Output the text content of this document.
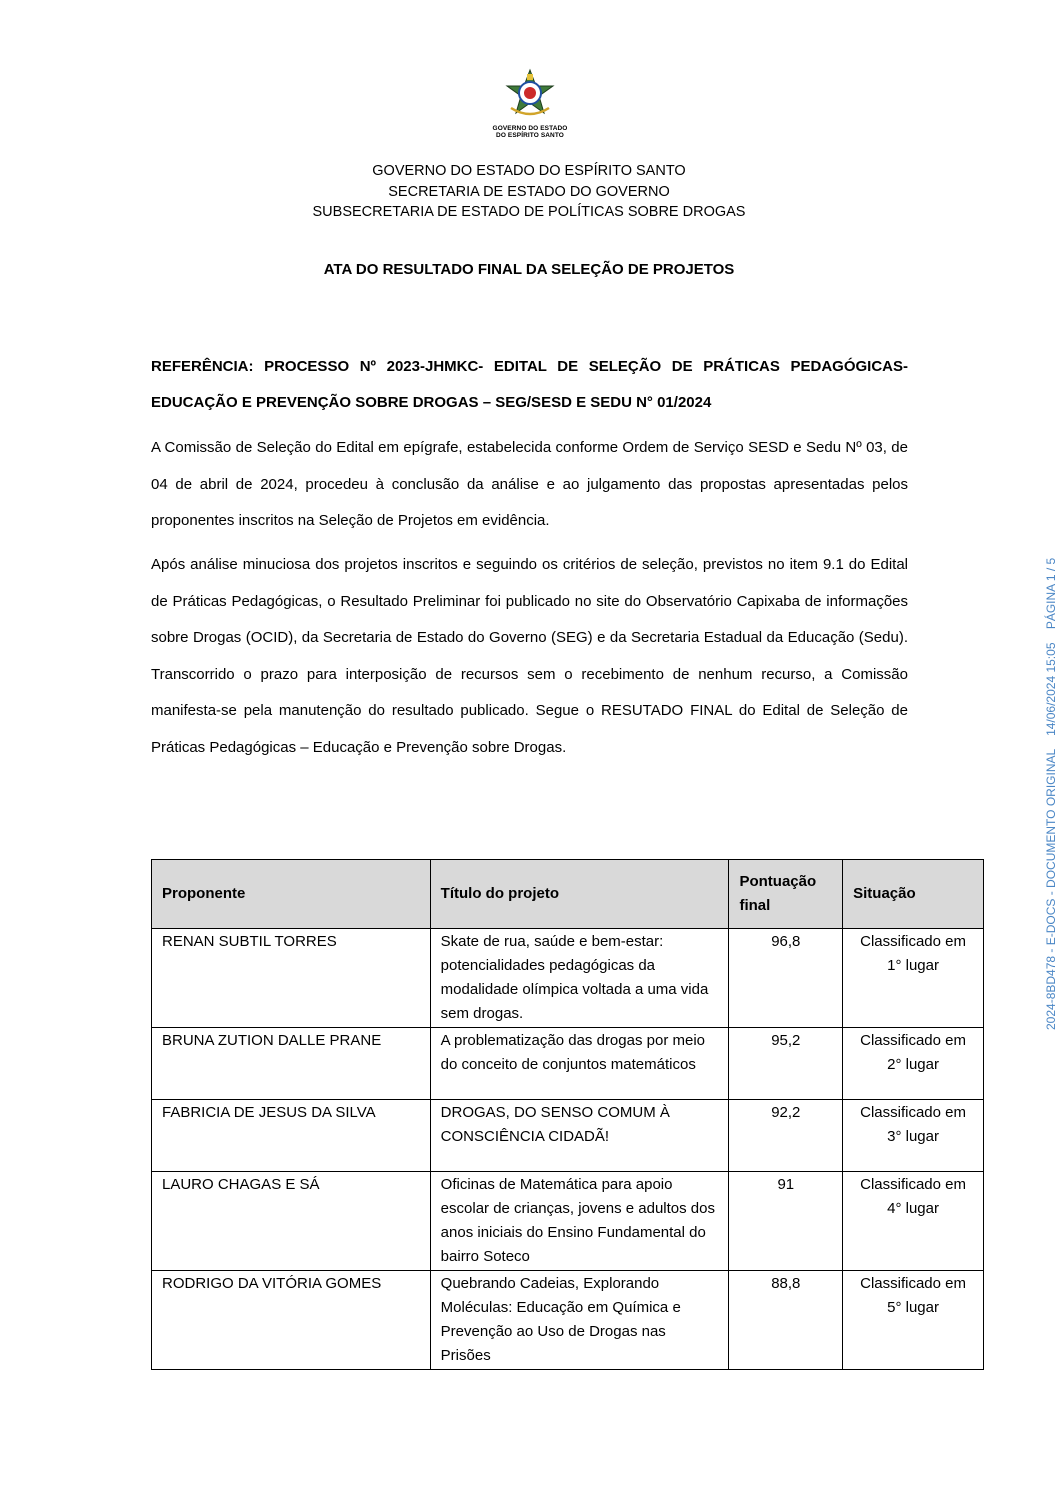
GOVERNO DO ESTADO
DO ESPÍRITO SANTO
GOVERNO DO ESTADO DO ESPÍRITO SANTO
SECRETARIA DE ESTADO DO GOVERNO
SUBSECRETARIA DE ESTADO DE POLÍTICAS SOBRE DROGAS
ATA DO RESULTADO FINAL DA SELEÇÃO DE PROJETOS
REFERÊNCIA: PROCESSO Nº 2023-JHMKC- EDITAL DE SELEÇÃO DE PRÁTICAS PEDAGÓGICAS- EDUCAÇÃO E PREVENÇÃO SOBRE DROGAS – SEG/SESD E SEDU N° 01/2024
A Comissão de Seleção do Edital em epígrafe, estabelecida conforme Ordem de Serviço SESD e Sedu Nº 03, de 04 de abril de 2024, procedeu à conclusão da análise e ao julgamento das propostas apresentadas pelos proponentes inscritos na Seleção de Projetos em evidência.
Após análise minuciosa dos projetos inscritos e seguindo os critérios de seleção, previstos no item 9.1 do Edital de Práticas Pedagógicas, o Resultado Preliminar foi publicado no site do Observatório Capixaba de informações sobre Drogas (OCID), da Secretaria de Estado do Governo (SEG) e da Secretaria Estadual da Educação (Sedu). Transcorrido o prazo para interposição de recursos sem o recebimento de nenhum recurso, a Comissão manifesta-se pela manutenção do resultado publicado. Segue o RESUTADO FINAL do Edital de Seleção de Práticas Pedagógicas – Educação e Prevenção sobre Drogas.
Proponente	Título do projeto	Pontuação final	Situação
RENAN SUBTIL TORRES	Skate de rua, saúde e bem-estar: potencialidades pedagógicas da modalidade olímpica voltada a uma vida sem drogas.	96,8	Classificado em 1° lugar
BRUNA ZUTION DALLE PRANE	A problematização das drogas por meio do conceito de conjuntos matemáticos	95,2	Classificado em 2° lugar
FABRICIA DE JESUS DA SILVA	DROGAS, DO SENSO COMUM À CONSCIÊNCIA CIDADÃ!	92,2	Classificado em 3° lugar
LAURO CHAGAS E SÁ	Oficinas de Matemática para apoio escolar de crianças, jovens e adultos dos anos iniciais do Ensino Fundamental do bairro Soteco	91	Classificado em 4° lugar
RODRIGO DA VITÓRIA GOMES	Quebrando Cadeias, Explorando Moléculas: Educação em Química e Prevenção ao Uso de Drogas nas Prisões	88,8	Classificado em 5° lugar
2024-8BD478 - E-DOCS - DOCUMENTO ORIGINAL    14/06/2024 15:05    PÁGINA 1 / 5
